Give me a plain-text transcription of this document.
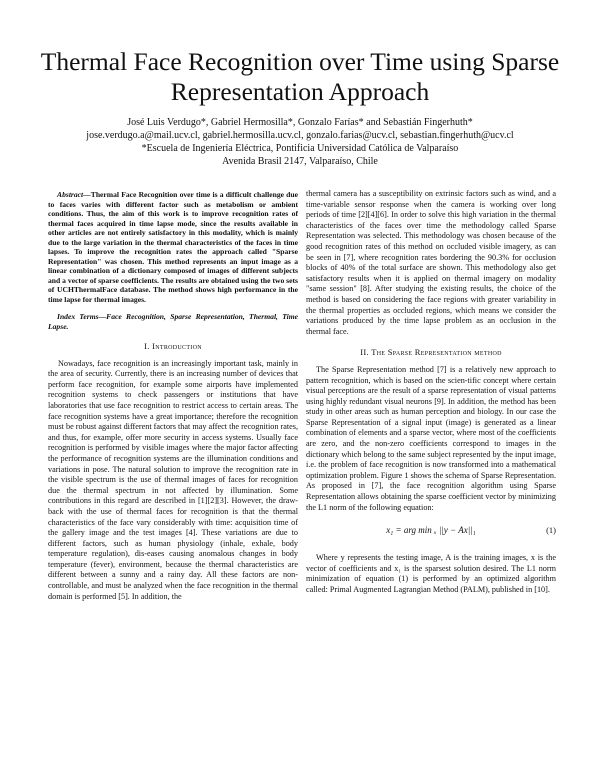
Thermal Face Recognition over Time using Sparse
Representation Approach
José Luis Verdugo*, Gabriel Hermosilla*, Gonzalo Farías* and Sebastián Fingerhuth*
jose.verdugo.a@mail.ucv.cl, gabriel.hermosilla.ucv.cl, gonzalo.farias@ucv.cl, sebastian.fingerhuth@ucv.cl
*Escuela de Ingeniería Eléctrica, Pontificia Universidad Católica de Valparaíso
Avenida Brasil 2147, Valparaíso, Chile

Abstract—Thermal Face Recognition over time is a difficult challenge due to faces varies with different factor such as metabolism or ambient conditions. Thus, the aim of this work is to improve recognition rates of thermal faces acquired in time lapse mode, since the results available in other articles are not entirely satisfactory in this modality, which is mainly due to the large variation in the thermal characteristics of the faces in time lapses. To improve the recognition rates the approach called "Sparse Representation" was chosen. This method represents an input image as a linear combination of a dictionary composed of images of different subjects and a vector of sparse coefficients. The results are obtained using the two sets of UCHThermalFace database. The method shows high performance in the time lapse for thermal images.

Index Terms—Face Recognition, Sparse Representation, Thermal, Time Lapse.

I. Introduction

Nowadays, face recognition is an increasingly important task, mainly in the area of security. Currently, there is an increasing number of devices that perform face recognition, for example some airports have implemented recognition systems to check passengers or institutions that have laboratories that use face recognition to restrict access to certain areas. The face recognition systems have a great importance; therefore the recognition must be robust against different factors that may affect the recognition rates, and thus, for example, offer more security in access systems. Usually face recognition is performed by visible images where the major factor affecting the performance of recognition systems are the illumination conditions and variations in pose. The natural solution to improve the recognition rate in the visible spectrum is the use of thermal images of faces for recognition due the thermal spectrum in not affected by illumination. Some contributions in this regard are described in [1][2][3]. However, the draw-back with the use of thermal faces for recognition is that the thermal characteristics of the face vary considerably with time: acquisition time of the gallery image and the test images [4]. These variations are due to different factors, such as human physiology (inhale, exhale, body temperature regulation), dis-eases causing anomalous changes in body temperature (fever), environment, because the thermal characteristics are different between a sunny and a rainy day. All these factors are non-controllable, and must be analyzed when the face recognition in the thermal domain is performed [5]. In addition, the

thermal camera has a susceptibility on extrinsic factors such as wind, and a time-variable sensor response when the camera is working over long periods of time [2][4][6]. In order to solve this high variation in the thermal characteristics of the faces over time the methodology called Sparse Representation was selected. This methodology was chosen because of the good recognition rates of this method on occluded visible imagery, as can be seen in [7], where recognition rates bordering the 90.3% for occlusion blocks of 40% of the total surface are shown. This methodology also get satisfactory results when it is applied on thermal imagery on modality "same session" [8]. After studying the existing results, the choice of the method is based on considering the face regions with greater variability in the thermal properties as occluded regions, which means we consider the variations produced by the time lapse problem as an occlusion in the thermal face.

II. The Sparse Representation method

The Sparse Representation method [7] is a relatively new approach to pattern recognition, which is based on the scien-tific concept where certain visual perceptions are the result of a sparse representation of visual patterns using highly redundant visual neurons [9]. In addition, the method has been study in other areas such as human perception and biology. In our case the Sparse Representation of a signal input (image) is generated as a linear combination of elements and a sparse vector, where most of the coefficients are zero, and the non-zero coefficients correspond to images in the dictionary which belong to the same subject represented by the input image, i.e. the problem of face recognition is now transformed into a mathematical optimization problem. Figure 1 shows the schema of Sparse Representation. As proposed in [7], the face recognition algorithm using Sparse Representation allows obtaining the sparse coefficient vector by minimizing the L1 norm of the following equation:

x₁ = arg min ₓ ||y − Ax||₁	(1)

Where y represents the testing image, A is the training images, x is the vector of coefficients and x₁ is the sparsest solution desired. The L1 norm minimization of equation (1) is performed by an optimized algorithm called: Primal Augmented Lagrangian Method (PALM), published in [10].
